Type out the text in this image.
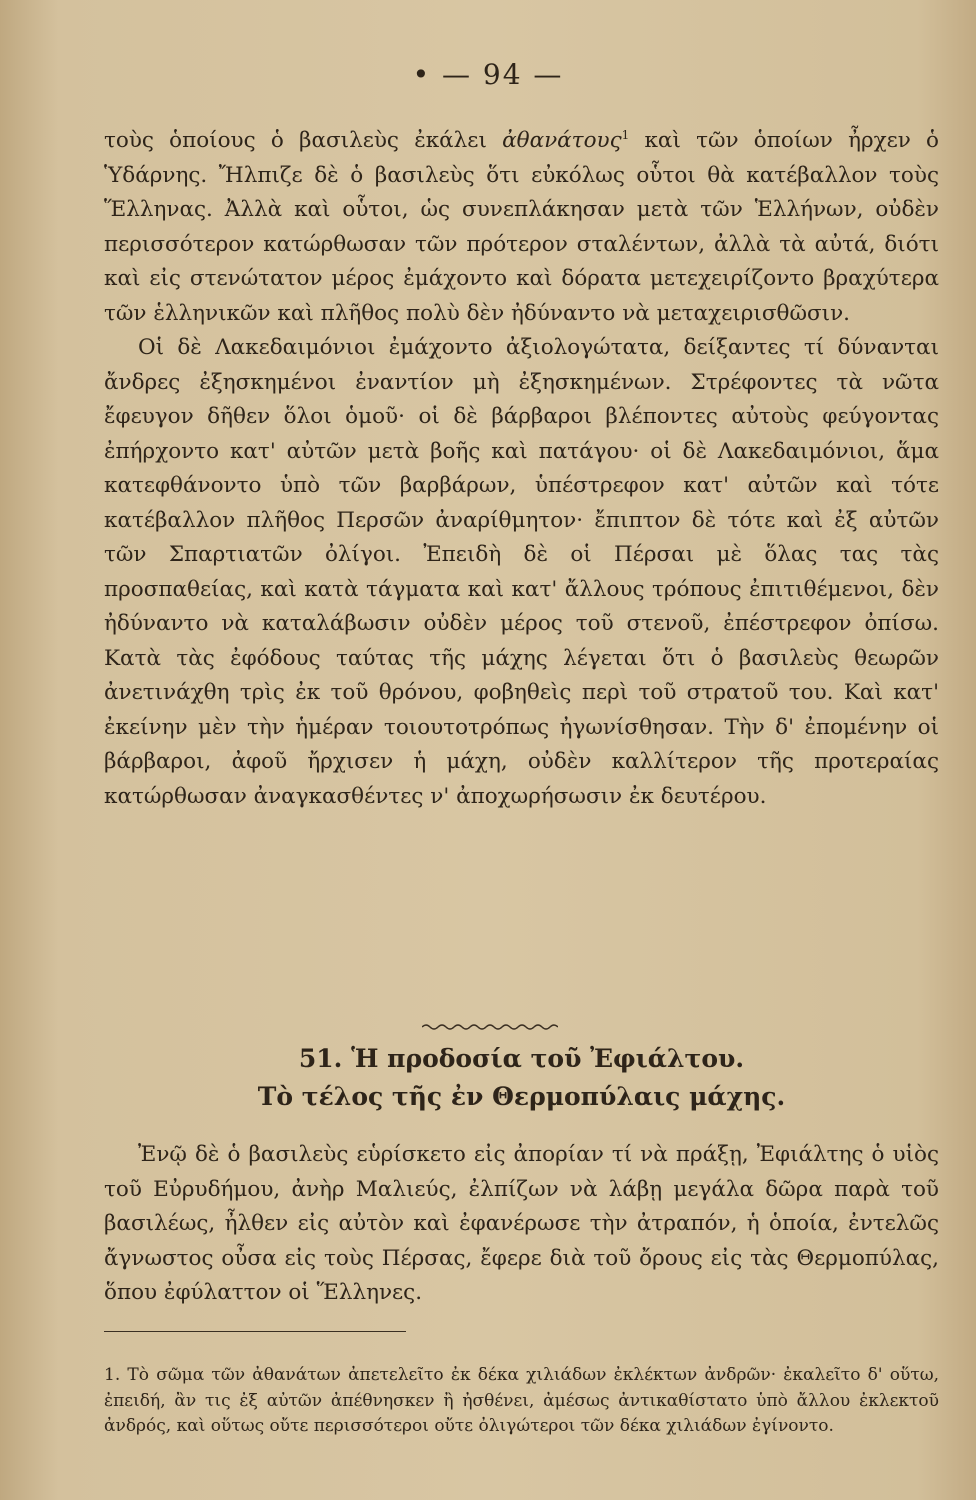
• — 94 —

τοὺς ὁποίους ὁ βασιλεὺς ἐκάλει ἀθανάτους$^1$ καὶ τῶν ὁποίων ἦρχεν ὁ Ὑδάρνης. Ἤλπιζε δὲ ὁ βασιλεὺς ὅτι εὐκόλως οὗτοι θὰ κατέβαλλον τοὺς Ἕλληνας. Ἀλλὰ καὶ οὗτοι, ὡς συνεπλάκησαν μετὰ τῶν Ἑλλήνων, οὐδὲν περισσότερον κατώρθωσαν τῶν πρότερον σταλέντων, ἀλλὰ τὰ αὐτά, διότι καὶ εἰς στενώτατον μέρος ἐμάχοντο καὶ δόρατα μετεχειρίζοντο βραχύτερα τῶν ἑλληνικῶν καὶ πλῆθος πολὺ δὲν ἠδύναντο νὰ μεταχειρισθῶσιν.

Οἱ δὲ Λακεδαιμόνιοι ἐμάχοντο ἀξιολογώτατα, δείξαντες τί δύνανται ἄνδρες ἐξησκημένοι ἐναντίον μὴ ἐξησκημένων. Στρέφοντες τὰ νῶτα ἔφευγον δῆθεν ὅλοι ὁμοῦ· οἱ δὲ βάρβαροι βλέποντες αὐτοὺς φεύγοντας ἐπήρχοντο κατ' αὐτῶν μετὰ βοῆς καὶ πατάγου· οἱ δὲ Λακεδαιμόνιοι, ἅμα κατεφθάνοντο ὑπὸ τῶν βαρβάρων, ὑπέστρεφον κατ' αὐτῶν καὶ τότε κατέβαλλον πλῆθος Περσῶν ἀναρίθμητον· ἔπιπτον δὲ τότε καὶ ἐξ αὐτῶν τῶν Σπαρτιατῶν ὀλίγοι. Ἐπειδὴ δὲ οἱ Πέρσαι μὲ ὅλας τας τὰς προσπαθείας, καὶ κατὰ τάγματα καὶ κατ' ἄλλους τρόπους ἐπιτιθέμενοι, δὲν ἠδύναντο νὰ καταλάβωσιν οὐδὲν μέρος τοῦ στενοῦ, ἐπέστρεφον ὀπίσω. Κατὰ τὰς ἐφόδους ταύτας τῆς μάχης λέγεται ὅτι ὁ βασιλεὺς θεωρῶν ἀνετινάχθη τρὶς ἐκ τοῦ θρόνου, φοβηθεὶς περὶ τοῦ στρατοῦ του. Καὶ κατ' ἐκείνην μὲν τὴν ἡμέραν τοιουτοτρόπως ἠγωνίσθησαν. Τὴν δ' ἐπομένην οἱ βάρβαροι, ἀφοῦ ἤρχισεν ἡ μάχη, οὐδὲν καλλίτερον τῆς προτεραίας κατώρθωσαν ἀναγκασθέντες ν' ἀποχωρήσωσιν ἐκ δευτέρου.

51. Ἡ προδοσία τοῦ Ἐφιάλτου.
Τὸ τέλος τῆς ἐν Θερμοπύλαις μάχης.

Ἐνῷ δὲ ὁ βασιλεὺς εὑρίσκετο εἰς ἀπορίαν τί νὰ πράξῃ, Ἐφιάλτης ὁ υἱὸς τοῦ Εὐρυδήμου, ἀνὴρ Μαλιεύς, ἐλπίζων νὰ λάβῃ μεγάλα δῶρα παρὰ τοῦ βασιλέως, ἦλθεν εἰς αὐτὸν καὶ ἐφανέρωσε τὴν ἀτραπόν, ἡ ὁποία, ἐντελῶς ἄγνωστος οὖσα εἰς τοὺς Πέρσας, ἔφερε διὰ τοῦ ὄρους εἰς τὰς Θερμοπύλας, ὅπου ἐφύλαττον οἱ Ἕλληνες.

1. Τὸ σῶμα τῶν ἀθανάτων ἀπετελεῖτο ἐκ δέκα χιλιάδων ἐκλέκτων ἀνδρῶν· ἐκαλεῖτο δ' οὕτω, ἐπειδή, ἂν τις ἐξ αὐτῶν ἀπέθνησκεν ἢ ἠσθένει, ἀμέσως ἀντικαθίστατο ὑπὸ ἄλλου ἐκλεκτοῦ ἀνδρός, καὶ οὕτως οὔτε περισσότεροι οὔτε ὀλιγώτεροι τῶν δέκα χιλιάδων ἐγίνοντο.
